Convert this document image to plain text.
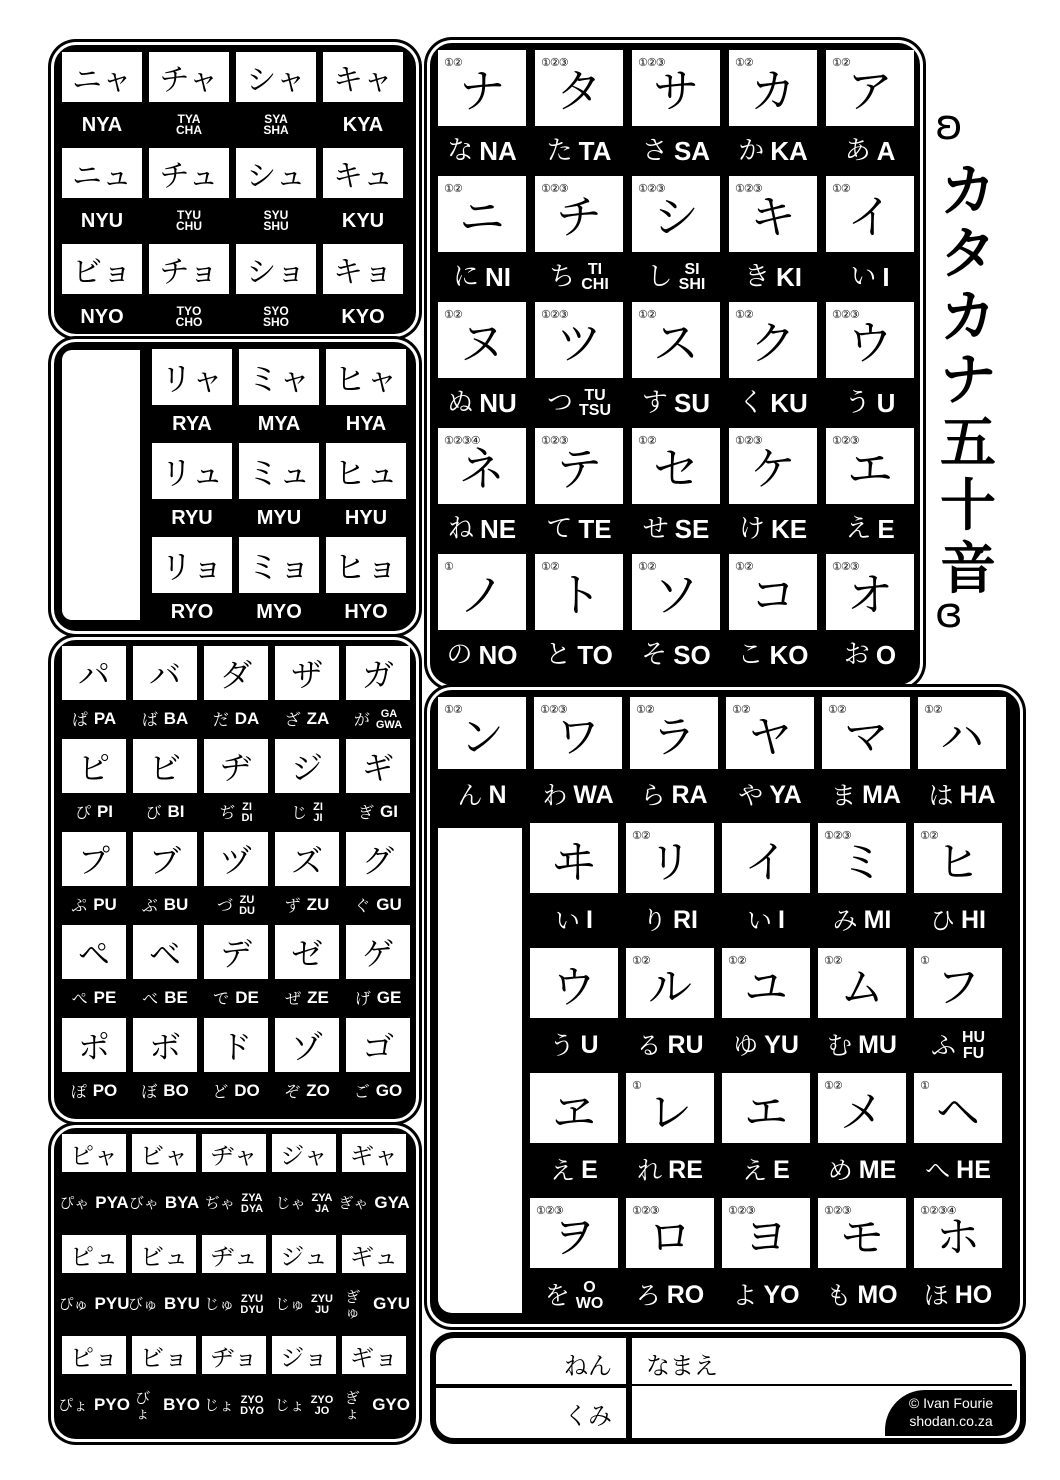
ʚ
カ
タ
カ
ナ
五
十
音
ɞ
ニャ
NYA
チャ
TYA
CHA
シャ
SYA
SHA
キャ
KYA
ニュ
NYU
チュ
TYU
CHU
シュ
SYU
SHU
キュ
KYU
ビョ
NYO
チョ
TYO
CHO
ショ
SYO
SHO
キョ
KYO
リャ
RYA
ミャ
MYA
ヒャ
HYA
リュ
RYU
ミュ
MYU
ヒュ
HYU
リョ
RYO
ミョ
MYO
ヒョ
HYO
パ
ぱ PA
バ
ば BA
ダ
だ DA
ザ
ざ ZA
ガ
が GA
GWA
ピ
ぴ PI
ビ
び BI
ヂ
ぢ ZI
DI
ジ
じ ZI
JI
ギ
ぎ GI
プ
ぷ PU
ブ
ぶ BU
ヅ
づ ZU
DU
ズ
ず ZU
グ
ぐ GU
ペ
ぺ PE
ベ
べ BE
デ
で DE
ゼ
ぜ ZE
ゲ
げ GE
ポ
ぽ PO
ボ
ぼ BO
ド
ど DO
ゾ
ぞ ZO
ゴ
ご GO
ピャ
ぴゃ PYA
ビャ
びゃ BYA
ヂャ
ぢゃ ZYA
DYA
ジャ
じゃ ZYA
JA
ギャ
ぎゃ GYA
ピュ
ぴゅ PYU
ビュ
びゅ BYU
ヂュ
じゅ ZYU
DYU
ジュ
じゅ ZYU
JU
ギュ
ぎゅ GYU
ピョ
ぴょ PYO
ビョ
びょ BYO
ヂョ
じょ ZYO
DYO
ジョ
じょ ZYO
JO
ギョ
ぎょ GYO
ナ
①②
な NA
タ
①②③
た TA
サ
①②③
さ SA
カ
①②
か KA
ア
①②
あ A
ニ
①②
に NI
チ
①②③
ち TI
CHI
シ
①②③
し SI
SHI
キ
①②③
き KI
イ
①②
い I
ヌ
①②
ぬ NU
ツ
①②③
つ TU
TSU
ス
①②
す SU
ク
①②
く KU
ウ
①②③
う U
ネ
①②③④
ね NE
テ
①②③
て TE
セ
①②
せ SE
ケ
①②③
け KE
エ
①②③
え E
ノ
①
の NO
ト
①②
と TO
ソ
①②
そ SO
コ
①②
こ KO
オ
①②③
お O
ン
①②
ん N
ワ
①②③
わ WA
ラ
①②
ら RA
ヤ
①②
や YA
マ
①②
ま MA
ハ
①②
は HA
ヰ
い I
リ
①②
り RI
イ
い I
ミ
①②③
み MI
ヒ
①②
ひ HI
ウ
う U
ル
①②
る RU
ユ
①②
ゆ YU
ム
①②
む MU
フ
①
ふ HU
FU
ヱ
え E
レ
①
れ RE
エ
え E
メ
①②
め ME
ヘ
①
へ HE
ヲ
①②③
を O
WO
ロ
①②③
ろ RO
ヨ
①②③
よ YO
モ
①②③
も MO
ホ
①②③④
ほ HO
ねん
くみ
なまえ
© Ivan Fourie
shodan.co.za
